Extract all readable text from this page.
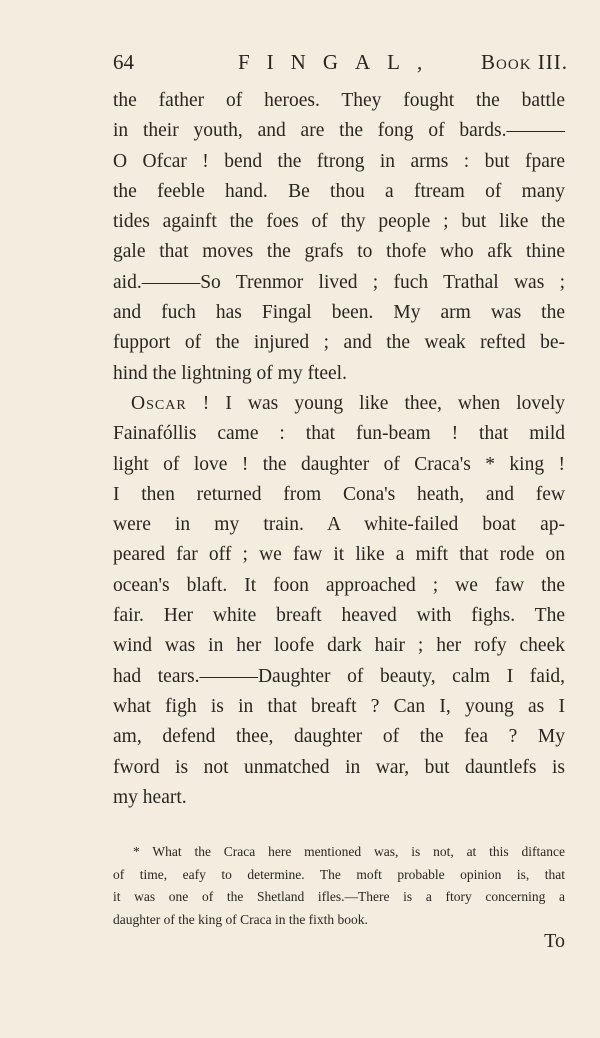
64	FINGAL, Book III.
the father of heroes. They fought the battle
in their youth, and are the fong of bards.———
O Ofcar ! bend the ftrong in arms : but fpare
the feeble hand. Be thou a ftream of many
tides againft the foes of thy people ; but like the
gale that moves the grafs to thofe who afk thine
aid.———So Trenmor lived ; fuch Trathal was ;
and fuch has Fingal been. My arm was the
fupport of the injured ; and the weak refted be-
hind the lightning of my fteel.
Oscar ! I was young like thee, when lovely
Fainafóllis came : that fun-beam ! that mild
light of love ! the daughter of Craca's * king !
I then returned from Cona's heath, and few
were in my train. A white-failed boat ap-
peared far off ; we faw it like a mift that rode on
ocean's blaft. It foon approached ; we faw the
fair. Her white breaft heaved with fighs. The
wind was in her loofe dark hair ; her rofy cheek
had tears.———Daughter of beauty, calm I faid,
what figh is in that breaft ? Can I, young as I
am, defend thee, daughter of the fea ? My
fword is not unmatched in war, but dauntlefs is
my heart.
* What the Craca here mentioned was, is not, at this diftance
of time, eafy to determine. The moft probable opinion is, that
it was one of the Shetland ifles.—There is a ftory concerning a
daughter of the king of Craca in the fixth book.
To
